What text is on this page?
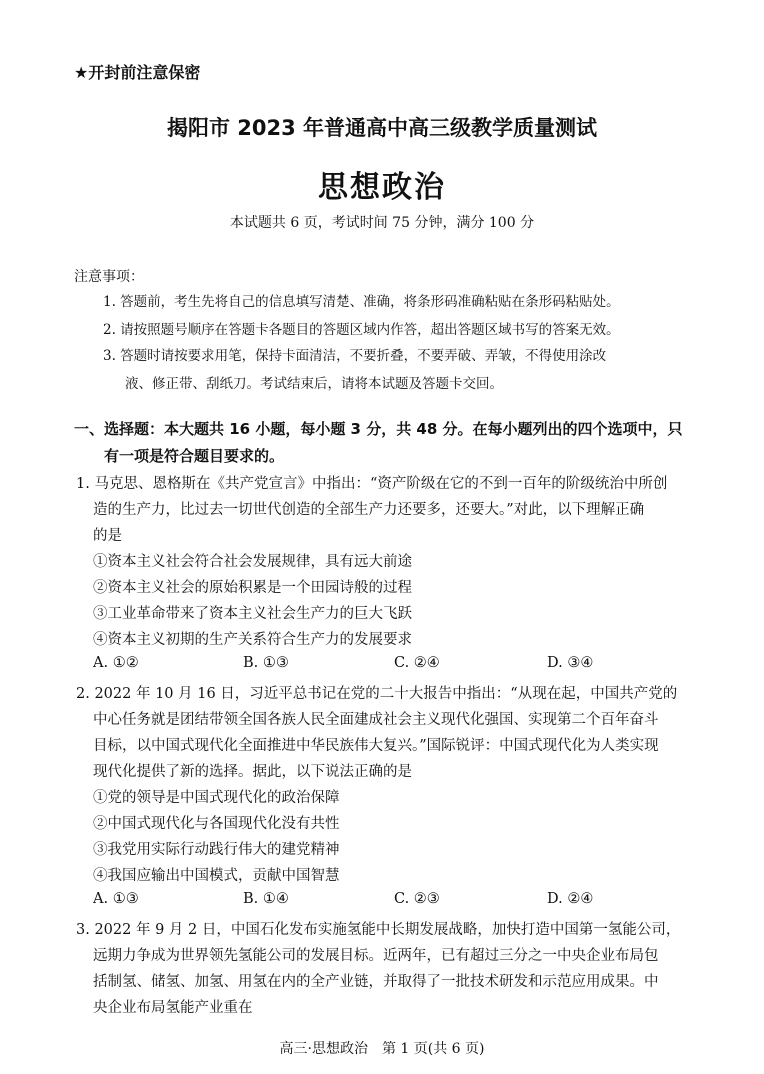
★开封前注意保密
揭阳市 2023 年普通高中高三级教学质量测试
思想政治
本试题共 6 页，考试时间 75 分钟，满分 100 分
注意事项：
1. 答题前，考生先将自己的信息填写清楚、准确，将条形码准确粘贴在条形码粘贴处。
2. 请按照题号顺序在答题卡各题目的答题区域内作答，超出答题区域书写的答案无效。
3. 答题时请按要求用笔，保持卡面清洁，不要折叠，不要弄破、弄皱，不得使用涂改
液、修正带、刮纸刀。考试结束后，请将本试题及答题卡交回。
一、选择题：本大题共 16 小题，每小题 3 分，共 48 分。在每小题列出的四个选项中，只
有一项是符合题目要求的。
1. 马克思、恩格斯在《共产党宣言》中指出：“资产阶级在它的不到一百年的阶级统治中所创
造的生产力，比过去一切世代创造的全部生产力还要多，还要大。”对此，以下理解正确
的是
①资本主义社会符合社会发展规律，具有远大前途
②资本主义社会的原始积累是一个田园诗般的过程
③工业革命带来了资本主义社会生产力的巨大飞跃
④资本主义初期的生产关系符合生产力的发展要求
A. ①②	B. ①③	C. ②④	D. ③④
2. 2022 年 10 月 16 日，习近平总书记在党的二十大报告中指出：“从现在起，中国共产党的
中心任务就是团结带领全国各族人民全面建成社会主义现代化强国、实现第二个百年奋斗
目标，以中国式现代化全面推进中华民族伟大复兴。”国际锐评：中国式现代化为人类实现
现代化提供了新的选择。据此，以下说法正确的是
①党的领导是中国式现代化的政治保障
②中国式现代化与各国现代化没有共性
③我党用实际行动践行伟大的建党精神
④我国应输出中国模式，贡献中国智慧
A. ①③	B. ①④	C. ②③	D. ②④
3. 2022 年 9 月 2 日，中国石化发布实施氢能中长期发展战略，加快打造中国第一氢能公司，
远期力争成为世界领先氢能公司的发展目标。近两年，已有超过三分之一中央企业布局包
括制氢、储氢、加氢、用氢在内的全产业链，并取得了一批技术研发和示范应用成果。中
央企业布局氢能产业重在
高三·思想政治　第 1 页(共 6 页)
